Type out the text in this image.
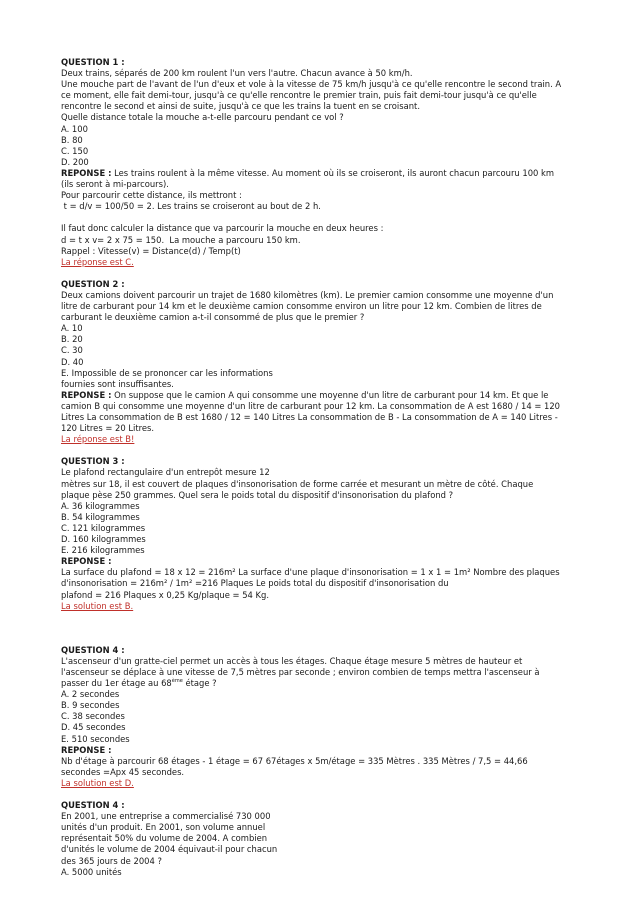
QUESTION 1 :
Deux trains, séparés de 200 km roulent l'un vers l'autre. Chacun avance à 50 km/h.
Une mouche part de l'avant de l'un d'eux et vole à la vitesse de 75 km/h jusqu'à ce qu'elle rencontre le second train. A
ce moment, elle fait demi-tour, jusqu'à ce qu'elle rencontre le premier train, puis fait demi-tour jusqu'à ce qu'elle
rencontre le second et ainsi de suite, jusqu'à ce que les trains la tuent en se croisant.
Quelle distance totale la mouche a-t-elle parcouru pendant ce vol ?
A. 100
B. 80
C. 150
D. 200
REPONSE : Les trains roulent à la même vitesse. Au moment où ils se croiseront, ils auront chacun parcouru 100 km
(ils seront à mi-parcours).
Pour parcourir cette distance, ils mettront :
t = d/v = 100/50 = 2. Les trains se croiseront au bout de 2 h.
Il faut donc calculer la distance que va parcourir la mouche en deux heures :
d = t x v= 2 x 75 = 150.  La mouche a parcouru 150 km.
Rappel : Vitesse(v) = Distance(d) / Temp(t)
La réponse est C.
QUESTION 2 :
Deux camions doivent parcourir un trajet de 1680 kilomètres (km). Le premier camion consomme une moyenne d'un
litre de carburant pour 14 km et le deuxième camion consomme environ un litre pour 12 km. Combien de litres de
carburant le deuxième camion a-t-il consommé de plus que le premier ?
A. 10
B. 20
C. 30
D. 40
E. Impossible de se prononcer car les informations
fournies sont insuffisantes.
REPONSE : On suppose que le camion A qui consomme une moyenne d'un litre de carburant pour 14 km. Et que le
camion B qui consomme une moyenne d'un litre de carburant pour 12 km. La consommation de A est 1680 / 14 = 120
Litres La consommation de B est 1680 / 12 = 140 Litres La consommation de B - La consommation de A = 140 Litres -
120 Litres = 20 Litres.
La réponse est B!
QUESTION 3 :
Le plafond rectangulaire d'un entrepôt mesure 12
mètres sur 18, il est couvert de plaques d'insonorisation de forme carrée et mesurant un mètre de côté. Chaque
plaque pèse 250 grammes. Quel sera le poids total du dispositif d'insonorisation du plafond ?
A. 36 kilogrammes
B. 54 kilogrammes
C. 121 kilogrammes
D. 160 kilogrammes
E. 216 kilogrammes
REPONSE :
La surface du plafond = 18 x 12 = 216m² La surface d'une plaque d'insonorisation = 1 x 1 = 1m² Nombre des plaques
d'insonorisation = 216m² / 1m² =216 Plaques Le poids total du dispositif d'insonorisation du
plafond = 216 Plaques x 0,25 Kg/plaque = 54 Kg.
La solution est B.
QUESTION 4 :
L'ascenseur d'un gratte-ciel permet un accès à tous les étages. Chaque étage mesure 5 mètres de hauteur et
l'ascenseur se déplace à une vitesse de 7,5 mètres par seconde ; environ combien de temps mettra l'ascenseur à
passer du 1er étage au 68ème étage ?
A. 2 secondes
B. 9 secondes
C. 38 secondes
D. 45 secondes
E. 510 secondes
REPONSE :
Nb d'étage à parcourir 68 étages - 1 étage = 67 67étages x 5m/étage = 335 Mètres . 335 Mètres / 7,5 = 44,66
secondes =Apx 45 secondes.
La solution est D.
QUESTION 4 :
En 2001, une entreprise a commercialisé 730 000
unités d'un produit. En 2001, son volume annuel
représentait 50% du volume de 2004. A combien
d'unités le volume de 2004 équivaut-il pour chacun
des 365 jours de 2004 ?
A. 5000 unités
